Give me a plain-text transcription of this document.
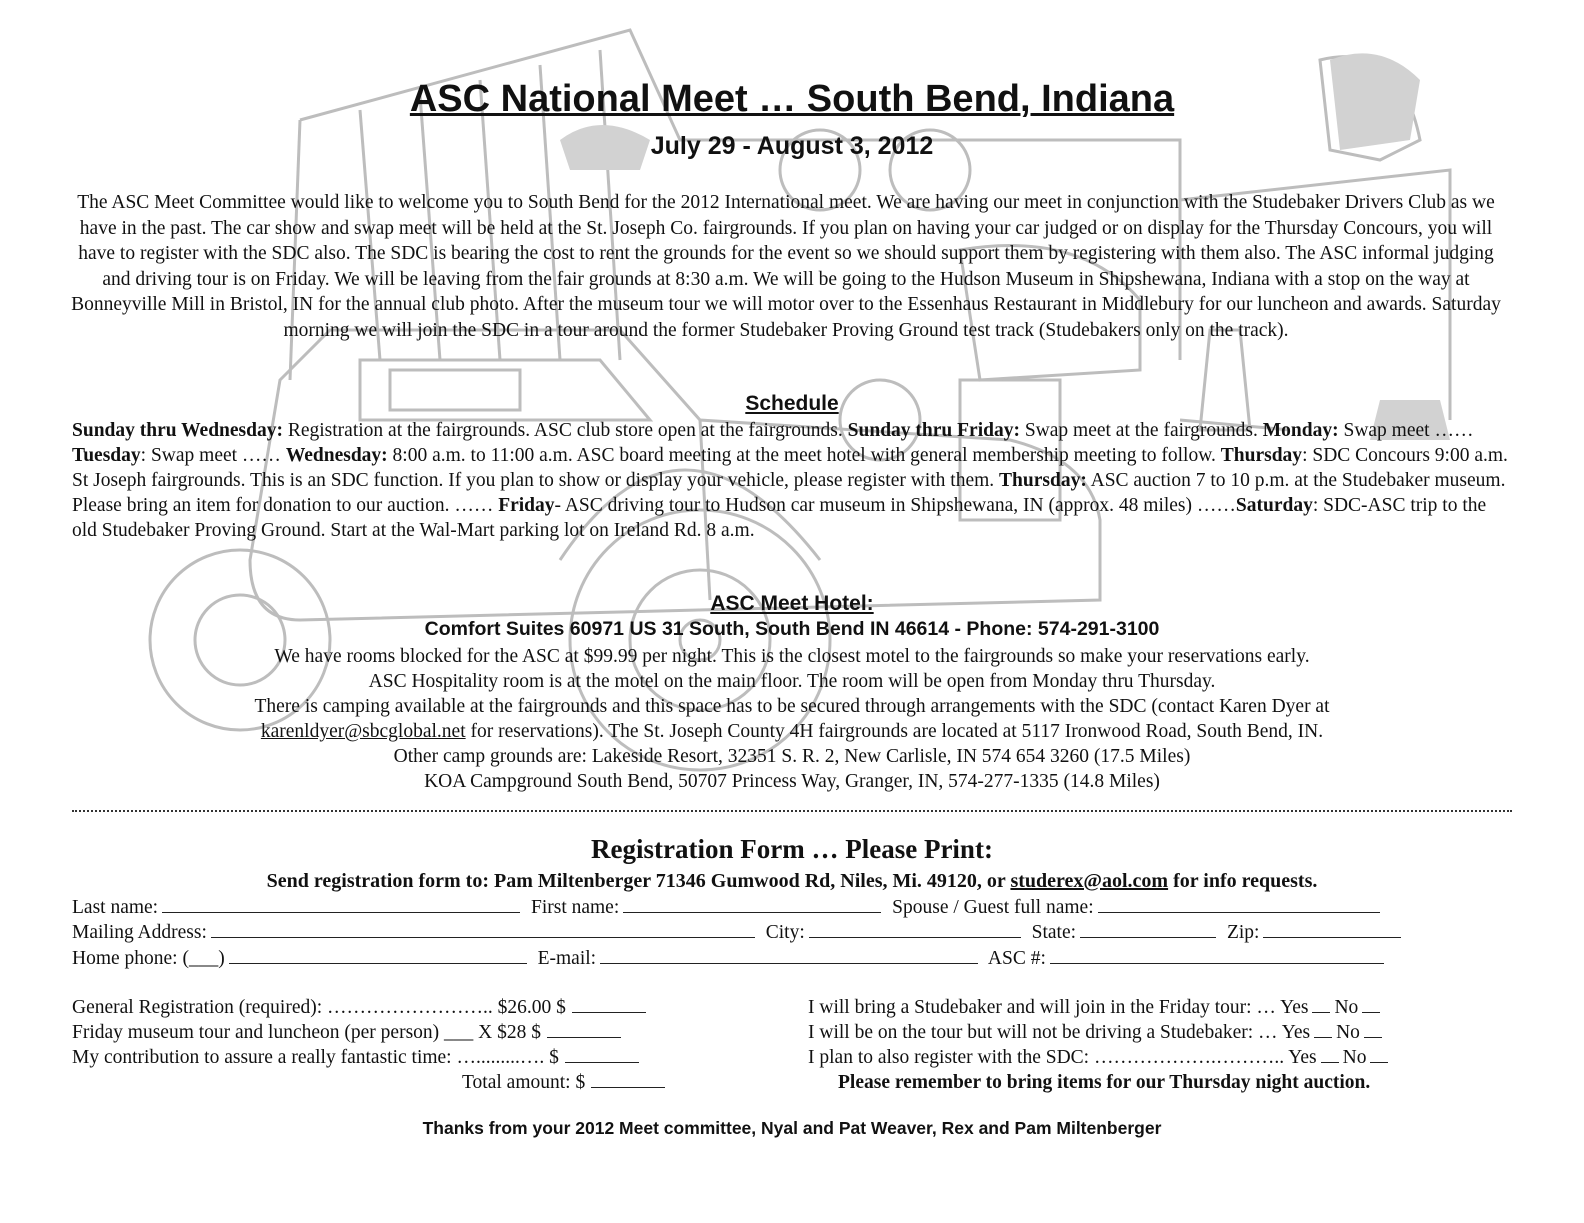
ASC National Meet … South Bend, Indiana
July 29 - August 3, 2012
The ASC Meet Committee would like to welcome you to South Bend for the 2012 International meet. We are having our meet in conjunction with the Studebaker Drivers Club as we have in the past. The car show and swap meet will be held at the St. Joseph Co. fairgrounds. If you plan on having your car judged or on display for the Thursday Concours, you will have to register with the SDC also. The SDC is bearing the cost to rent the grounds for the event so we should support them by registering with them also. The ASC informal judging and driving tour is on Friday. We will be leaving from the fair grounds at 8:30 a.m. We will be going to the Hudson Museum in Shipshewana, Indiana with a stop on the way at Bonneyville Mill in Bristol, IN for the annual club photo. After the museum tour we will motor over to the Essenhaus Restaurant in Middlebury for our luncheon and awards. Saturday morning we will join the SDC in a tour around the former Studebaker Proving Ground test track (Studebakers only on the track).
Schedule
Sunday thru Wednesday: Registration at the fairgrounds. ASC club store open at the fairgrounds. Sunday thru Friday: Swap meet at the fairgrounds. Monday: Swap meet …… Tuesday: Swap meet …… Wednesday: 8:00 a.m. to 11:00 a.m. ASC board meeting at the meet hotel with general membership meeting to follow. Thursday: SDC Concours 9:00 a.m. St Joseph fairgrounds. This is an SDC function. If you plan to show or display your vehicle, please register with them. Thursday: ASC auction 7 to 10 p.m. at the Studebaker museum. Please bring an item for donation to our auction. …… Friday- ASC driving tour to Hudson car museum in Shipshewana, IN (approx. 48 miles) ……Saturday: SDC-ASC trip to the old Studebaker Proving Ground. Start at the Wal-Mart parking lot on Ireland Rd. 8 a.m.
ASC Meet Hotel:
Comfort Suites 60971 US 31 South, South Bend IN 46614 - Phone: 574-291-3100
We have rooms blocked for the ASC at $99.99 per night. This is the closest motel to the fairgrounds so make your reservations early.
ASC Hospitality room is at the motel on the main floor. The room will be open from Monday thru Thursday.
There is camping available at the fairgrounds and this space has to be secured through arrangements with the SDC (contact Karen Dyer at
karenldyer@sbcglobal.net for reservations). The St. Joseph County 4H fairgrounds are located at 5117 Ironwood Road, South Bend, IN.
Other camp grounds are: Lakeside Resort, 32351 S. R. 2, New Carlisle, IN 574 654 3260 (17.5 Miles)
KOA Campground South Bend, 50707 Princess Way, Granger, IN, 574-277-1335 (14.8 Miles)
Registration Form … Please Print:
Send registration form to: Pam Miltenberger 71346 Gumwood Rd, Niles, Mi. 49120, or studerex@aol.com for info requests.
Last name:	First name:	Spouse / Guest full name:
Mailing Address:	City:	State:	Zip:
Home phone: (___)	E-mail:	ASC #:
General Registration (required): …………………….. $26.00 $
Friday museum tour and luncheon (per person) ___ X $28 $
My contribution to assure a really fantastic time: ….........…. $
Total amount: $
I will bring a Studebaker and will join in the Friday tour: … Yes No
I will be on the tour but will not be driving a Studebaker: … Yes No
I plan to also register with the SDC: ……………….……….. Yes No
Please remember to bring items for our Thursday night auction.
Thanks from your 2012 Meet committee, Nyal and Pat Weaver, Rex and Pam Miltenberger
